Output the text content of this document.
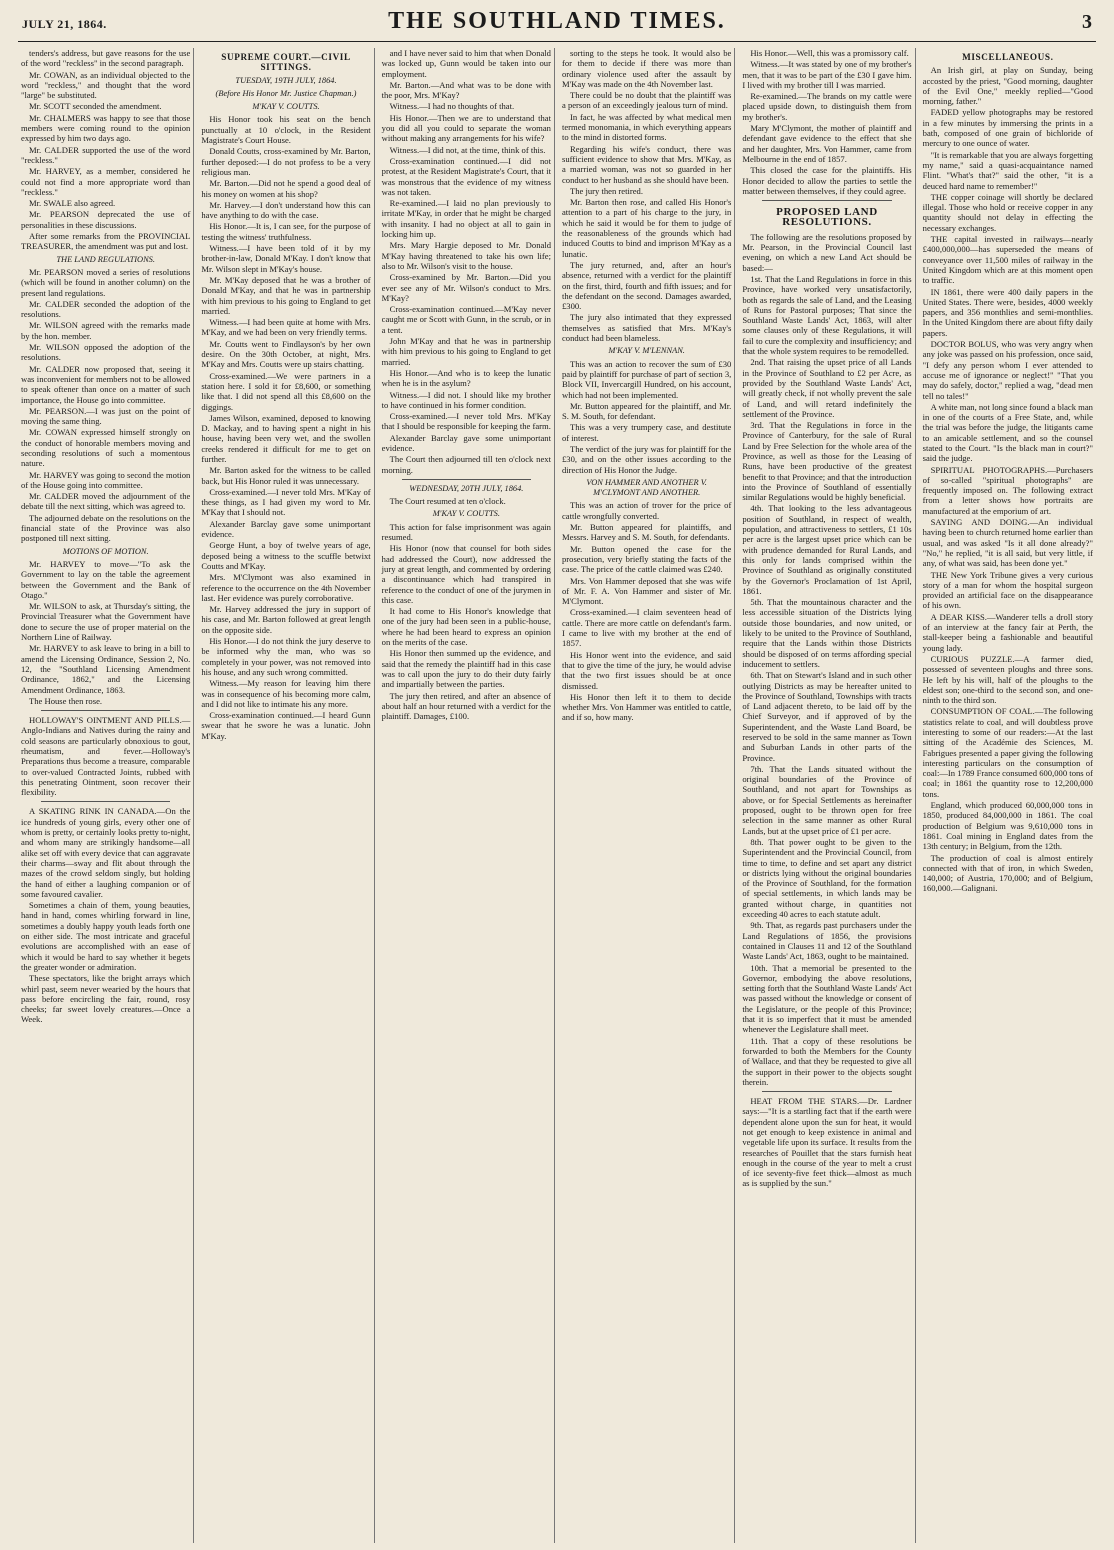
JULY 21, 1864.	THE SOUTHLAND TIMES.	3

tenders's address, but gave reasons for the use of the word "reckless" in the second paragraph.

Mr. COWAN, as an individual objected to the word "reckless," and thought that the word "large" be substituted.

Mr. SCOTT seconded the amendment.

Mr. CHALMERS was happy to see that those members were coming round to the opinion expressed by him two days ago.

Mr. CALDER supported the use of the word "reckless."

Mr. HARVEY, as a member, considered he could not find a more appropriate word than "reckless."

Mr. SWALE also agreed.

Mr. PEARSON deprecated the use of personalities in these discussions.

After some remarks from the PROVINCIAL TREASURER, the amendment was put and lost.

THE LAND REGULATIONS.

Mr. PEARSON moved a series of resolutions (which will be found in another column) on the present land regulations.

Mr. CALDER seconded the adoption of the resolutions.

Mr. WILSON agreed with the remarks made by the hon. member.

Mr. WILSON opposed the adoption of the resolutions.

Mr. CALDER now proposed that, seeing it was inconvenient for members not to be allowed to speak oftener than once on a matter of such importance, the House go into committee.

Mr. PEARSON.—I was just on the point of moving the same thing.

Mr. COWAN expressed himself strongly on the conduct of honorable members moving and seconding resolutions of such a momentous nature.

Mr. HARVEY was going to second the motion of the House going into committee.

Mr. CALDER moved the adjournment of the debate till the next sitting, which was agreed to.

The adjourned debate on the resolutions on the financial state of the Province was also postponed till next sitting.

MOTIONS OF MOTION.

Mr. HARVEY to move—"To ask the Government to lay on the table the agreement between the Government and the Bank of Otago."

Mr. WILSON to ask, at Thursday's sitting, the Provincial Treasurer what the Government have done to secure the use of proper material on the Northern Line of Railway.

Mr. HARVEY to ask leave to bring in a bill to amend the Licensing Ordinance, Session 2, No. 12, the "Southland Licensing Amendment Ordinance, 1862," and the Licensing Amendment Ordinance, 1863.

The House then rose.

HOLLOWAY'S OINTMENT AND PILLS.—Anglo-Indians and Natives during the rainy and cold seasons are particularly obnoxious to gout, rheumatism, and fever.—Holloway's Preparations thus become a treasure, comparable to over-valued Contracted Joints, rubbed with this penetrating Ointment, soon recover their flexibility.

A SKATING RINK IN CANADA.—On the ice hundreds of young girls, every other one of whom is pretty, or certainly looks pretty to-night, and whom many are strikingly handsome—all alike set off with every device that can aggravate their charms—sway and flit about through the mazes of the crowd seldom singly, but holding the hand of either a laughing companion or of some favoured cavalier.

Sometimes a chain of them, young beauties, hand in hand, comes whirling forward in line, sometimes a doubly happy youth leads forth one on either side. The most intricate and graceful evolutions are accomplished with an ease of which it would be hard to say whether it begets the greater wonder or admiration.

These spectators, like the bright arrays which whirl past, seem never wearied by the hours that pass before encircling the fair, round, rosy cheeks; far sweet lovely creatures.—Once a Week.

SUPREME COURT.—CIVIL SITTINGS.
TUESDAY, 19TH JULY, 1864.
(Before His Honor Mr. Justice Chapman.)
M'KAY V. COUTTS.

His Honor took his seat on the bench punctually at 10 o'clock, in the Resident Magistrate's Court House.

Donald Coutts, cross-examined by Mr. Barton, further deposed:—I do not profess to be a very religious man.

Mr. Barton.—Did not he spend a good deal of his money on women at his shop?

Mr. Harvey.—I don't understand how this can have anything to do with the case.

His Honor.—It is, I can see, for the purpose of testing the witness' truthfulness.

Witness.—I have been told of it by my brother-in-law, Donald M'Kay. I don't know that Mr. Wilson slept in M'Kay's house.

Mr. M'Kay deposed that he was a brother of Donald M'Kay, and that he was in partnership with him previous to his going to England to get married.

Witness.—I had been quite at home with Mrs. M'Kay, and we had been on very friendly terms.

Mr. Coutts went to Findlayson's by her own desire. On the 30th October, at night, Mrs. M'Kay and Mrs. Coutts were up stairs chatting.

Cross-examined.—We were partners in a station here. I sold it for £8,600, or something like that. I did not spend all this £8,600 on the diggings.

James Wilson, examined, deposed to knowing D. Mackay, and to having spent a night in his house, having been very wet, and the swollen creeks rendered it difficult for me to get on further.

Mr. Barton asked for the witness to be called back, but His Honor ruled it was unnecessary.

Cross-examined.—I never told Mrs. M'Kay of these things, as I had given my word to Mr. M'Kay that I should not.

Alexander Barclay gave some unimportant evidence.

George Hunt, a boy of twelve years of age, deposed being a witness to the scuffle betwixt Coutts and M'Kay.

Mrs. M'Clymont was also examined in reference to the occurrence on the 4th November last. Her evidence was purely corroborative.

Mr. Harvey addressed the jury in support of his case, and Mr. Barton followed at great length on the opposite side.

His Honor.—I do not think the jury deserve to be informed why the man, who was so completely in your power, was not removed into his house, and any such wrong committed.

Witness.—My reason for leaving him there was in consequence of his becoming more calm, and I did not like to intimate his any more.

Cross-examination continued.—I heard Gunn swear that he swore he was a lunatic. John M'Kay.

and I have never said to him that when Donald was locked up, Gunn would be taken into our employment.

Mr. Barton.—And what was to be done with the poor, Mrs. M'Kay?

Witness.—I had no thoughts of that.

His Honor.—Then we are to understand that you did all you could to separate the woman without making any arrangements for his wife?

Witness.—I did not, at the time, think of this.

Cross-examination continued.—I did not protest, at the Resident Magistrate's Court, that it was monstrous that the evidence of my witness was not taken.

Re-examined.—I laid no plan previously to irritate M'Kay, in order that he might be charged with insanity. I had no object at all to gain in locking him up.

Mrs. Mary Hargie deposed to Mr. Donald M'Kay having threatened to take his own life; also to Mr. Wilson's visit to the house.

Cross-examined by Mr. Barton.—Did you ever see any of Mr. Wilson's conduct to Mrs. M'Kay?

Cross-examination continued.—M'Kay never caught me or Scott with Gunn, in the scrub, or in a tent.

John M'Kay and that he was in partnership with him previous to his going to England to get married.

His Honor.—And who is to keep the lunatic when he is in the asylum?

Witness.—I did not. I should like my brother to have continued in his former condition.

Cross-examined.—I never told Mrs. M'Kay that I should be responsible for keeping the farm.

Alexander Barclay gave some unimportant evidence.

The Court then adjourned till ten o'clock next morning.

WEDNESDAY, 20TH JULY, 1864.

The Court resumed at ten o'clock.

M'KAY V. COUTTS.

This action for false imprisonment was again resumed.

His Honor (now that counsel for both sides had addressed the Court), now addressed the jury at great length, and commented by ordering a discontinuance which had transpired in reference to the conduct of one of the jurymen in this case.

It had come to His Honor's knowledge that one of the jury had been seen in a public-house, where he had been heard to express an opinion on the merits of the case.

His Honor then summed up the evidence, and said that the remedy the plaintiff had in this case was to call upon the jury to do their duty fairly and impartially between the parties.

The jury then retired, and after an absence of about half an hour returned with a verdict for the plaintiff. Damages, £100.

sorting to the steps he took. It would also be for them to decide if there was more than ordinary violence used after the assault by M'Kay was made on the 4th November last.

There could be no doubt that the plaintiff was a person of an exceedingly jealous turn of mind.

In fact, he was affected by what medical men termed monomania, in which everything appears to the mind in distorted forms.

Regarding his wife's conduct, there was sufficient evidence to show that Mrs. M'Kay, as a married woman, was not so guarded in her conduct to her husband as she should have been.

The jury then retired.

Mr. Barton then rose, and called His Honor's attention to a part of his charge to the jury, in which he said it would be for them to judge of the reasonableness of the grounds which had induced Coutts to bind and imprison M'Kay as a lunatic.

The jury returned, and, after an hour's absence, returned with a verdict for the plaintiff on the first, third, fourth and fifth issues; and for the defendant on the second. Damages awarded, £300.

The jury also intimated that they expressed themselves as satisfied that Mrs. M'Kay's conduct had been blameless.

M'KAY V. M'LENNAN.

This was an action to recover the sum of £30 paid by plaintiff for purchase of part of section 3, Block VII, Invercargill Hundred, on his account, which had not been implemented.

Mr. Button appeared for the plaintiff, and Mr. S. M. South, for defendant.

This was a very trumpery case, and destitute of interest.

The verdict of the jury was for plaintiff for the £30, and on the other issues according to the direction of His Honor the Judge.

VON HAMMER AND ANOTHER V. M'CLYMONT AND ANOTHER.

This was an action of trover for the price of cattle wrongfully converted.

Mr. Button appeared for plaintiffs, and Messrs. Harvey and S. M. South, for defendants.

Mr. Button opened the case for the prosecution, very briefly stating the facts of the case. The price of the cattle claimed was £240.

Mrs. Von Hammer deposed that she was wife of Mr. F. A. Von Hammer and sister of Mr. M'Clymont.

Cross-examined.—I claim seventeen head of cattle. There are more cattle on defendant's farm. I came to live with my brother at the end of 1857.

His Honor went into the evidence, and said that to give the time of the jury, he would advise that the two first issues should be at once dismissed.

His Honor then left it to them to decide whether Mrs. Von Hammer was entitled to cattle, and if so, how many.

His Honor.—Well, this was a promissory calf.

Witness.—It was stated by one of my brother's men, that it was to be part of the £30 I gave him. I lived with my brother till I was married.

Re-examined.—The brands on my cattle were placed upside down, to distinguish them from my brother's.

Mary M'Clymont, the mother of plaintiff and defendant gave evidence to the effect that she and her daughter, Mrs. Von Hammer, came from Melbourne in the end of 1857.

This closed the case for the plaintiffs. His Honor decided to allow the parties to settle the matter between themselves, if they could agree.

PROPOSED LAND RESOLUTIONS.

The following are the resolutions proposed by Mr. Pearson, in the Provincial Council last evening, on which a new Land Act should be based:—

1st. That the Land Regulations in force in this Province, have worked very unsatisfactorily, both as regards the sale of Land, and the Leasing of Runs for Pastoral purposes; That since the Southland Waste Lands' Act, 1863, will alter some clauses only of these Regulations, it will fail to cure the complexity and insufficiency; and that the whole system requires to be remodelled.

2nd. That raising the upset price of all Lands in the Province of Southland to £2 per Acre, as provided by the Southland Waste Lands' Act, will greatly check, if not wholly prevent the sale of Land, and will retard indefinitely the settlement of the Province.

3rd. That the Regulations in force in the Province of Canterbury, for the sale of Rural Land by Free Selection for the whole area of the Province, as well as those for the Leasing of Runs, have been productive of the greatest benefit to that Province; and that the introduction into the Province of Southland of essentially similar Regulations would be highly beneficial.

4th. That looking to the less advantageous position of Southland, in respect of wealth, population, and attractiveness to settlers, £1 10s per acre is the largest upset price which can be with prudence demanded for Rural Lands, and this only for lands comprised within the Province of Southland as originally constituted by the Governor's Proclamation of 1st April, 1861.

5th. That the mountainous character and the less accessible situation of the Districts lying outside those boundaries, and now united, or likely to be united to the Province of Southland, require that the Lands within those Districts should be disposed of on terms affording special inducement to settlers.

6th. That on Stewart's Island and in such other outlying Districts as may be hereafter united to the Province of Southland, Townships with tracts of Land adjacent thereto, to be laid off by the Chief Surveyor, and if approved of by the Superintendent, and the Waste Land Board, be reserved to be sold in the same manner as Town and Suburban Lands in other parts of the Province.

7th. That the Lands situated without the original boundaries of the Province of Southland, and not apart for Townships as above, or for Special Settlements as hereinafter proposed, ought to be thrown open for free selection in the same manner as other Rural Lands, but at the upset price of £1 per acre.

8th. That power ought to be given to the Superintendent and the Provincial Council, from time to time, to define and set apart any district or districts lying without the original boundaries of the Province of Southland, for the formation of special settlements, in which lands may be granted without charge, in quantities not exceeding 40 acres to each statute adult.

9th. That, as regards past purchasers under the Land Regulations of 1856, the provisions contained in Clauses 11 and 12 of the Southland Waste Lands' Act, 1863, ought to be maintained.

10th. That a memorial be presented to the Governor, embodying the above resolutions, setting forth that the Southland Waste Lands' Act was passed without the knowledge or consent of the Legislature, or the people of this Province; that it is so imperfect that it must be amended whenever the Legislature shall meet.

11th. That a copy of these resolutions be forwarded to both the Members for the County of Wallace, and that they be requested to give all the support in their power to the objects sought therein.

HEAT FROM THE STARS.—Dr. Lardner says:—"It is a startling fact that if the earth were dependent alone upon the sun for heat, it would not get enough to keep existence in animal and vegetable life upon its surface. It results from the researches of Pouillet that the stars furnish heat enough in the course of the year to melt a crust of ice seventy-five feet thick—almost as much as is supplied by the sun."

MISCELLANEOUS.

An Irish girl, at play on Sunday, being accosted by the priest, "Good morning, daughter of the Evil One," meekly replied—"Good morning, father."

FADED yellow photographs may be restored in a few minutes by immersing the prints in a bath, composed of one grain of bichloride of mercury to one ounce of water.

"It is remarkable that you are always forgetting my name," said a quasi-acquaintance named Flint. "What's that?" said the other, "it is a deuced hard name to remember!"

THE copper coinage will shortly be declared illegal. Those who hold or receive copper in any quantity should not delay in effecting the necessary exchanges.

THE capital invested in railways—nearly £400,000,000—has superseded the means of conveyance over 11,500 miles of railway in the United Kingdom which are at this moment open to traffic.

IN 1861, there were 400 daily papers in the United States. There were, besides, 4000 weekly papers, and 356 monthlies and semi-monthlies. In the United Kingdom there are about fifty daily papers.

DOCTOR BOLUS, who was very angry when any joke was passed on his profession, once said, "I defy any person whom I ever attended to accuse me of ignorance or neglect!" "That you may do safely, doctor," replied a wag, "dead men tell no tales!"

A white man, not long since found a black man in one of the courts of a Free State, and, while the trial was before the judge, the litigants came to an amicable settlement, and so the counsel stated to the Court. "Is the black man in court?" said the judge.

SPIRITUAL PHOTOGRAPHS.—Purchasers of so-called "spiritual photographs" are frequently imposed on. The following extract from a letter shows how portraits are manufactured at the emporium of art.

SAYING AND DOING.—An individual having been to church returned home earlier than usual, and was asked "Is it all done already?" "No," he replied, "it is all said, but very little, if any, of what was said, has been done yet."

THE New York Tribune gives a very curious story of a man for whom the hospital surgeon provided an artificial face on the disappearance of his own.

A DEAR KISS.—Wanderer tells a droll story of an interview at the fancy fair at Perth, the stall-keeper being a fashionable and beautiful young lady.

CURIOUS PUZZLE.—A farmer died, possessed of seventeen ploughs and three sons. He left by his will, half of the ploughs to the eldest son; one-third to the second son, and one-ninth to the third son.

CONSUMPTION OF COAL.—The following statistics relate to coal, and will doubtless prove interesting to some of our readers:—At the last sitting of the Académie des Sciences, M. Fabrigues presented a paper giving the following interesting particulars on the consumption of coal:—In 1789 France consumed 600,000 tons of coal; in 1861 the quantity rose to 12,200,000 tons.

England, which produced 60,000,000 tons in 1850, produced 84,000,000 in 1861. The coal production of Belgium was 9,610,000 tons in 1861. Coal mining in England dates from the 13th century; in Belgium, from the 12th.

The production of coal is almost entirely connected with that of iron, in which Sweden, 140,000; of Austria, 170,000; and of Belgium, 160,000.—Galignani.
